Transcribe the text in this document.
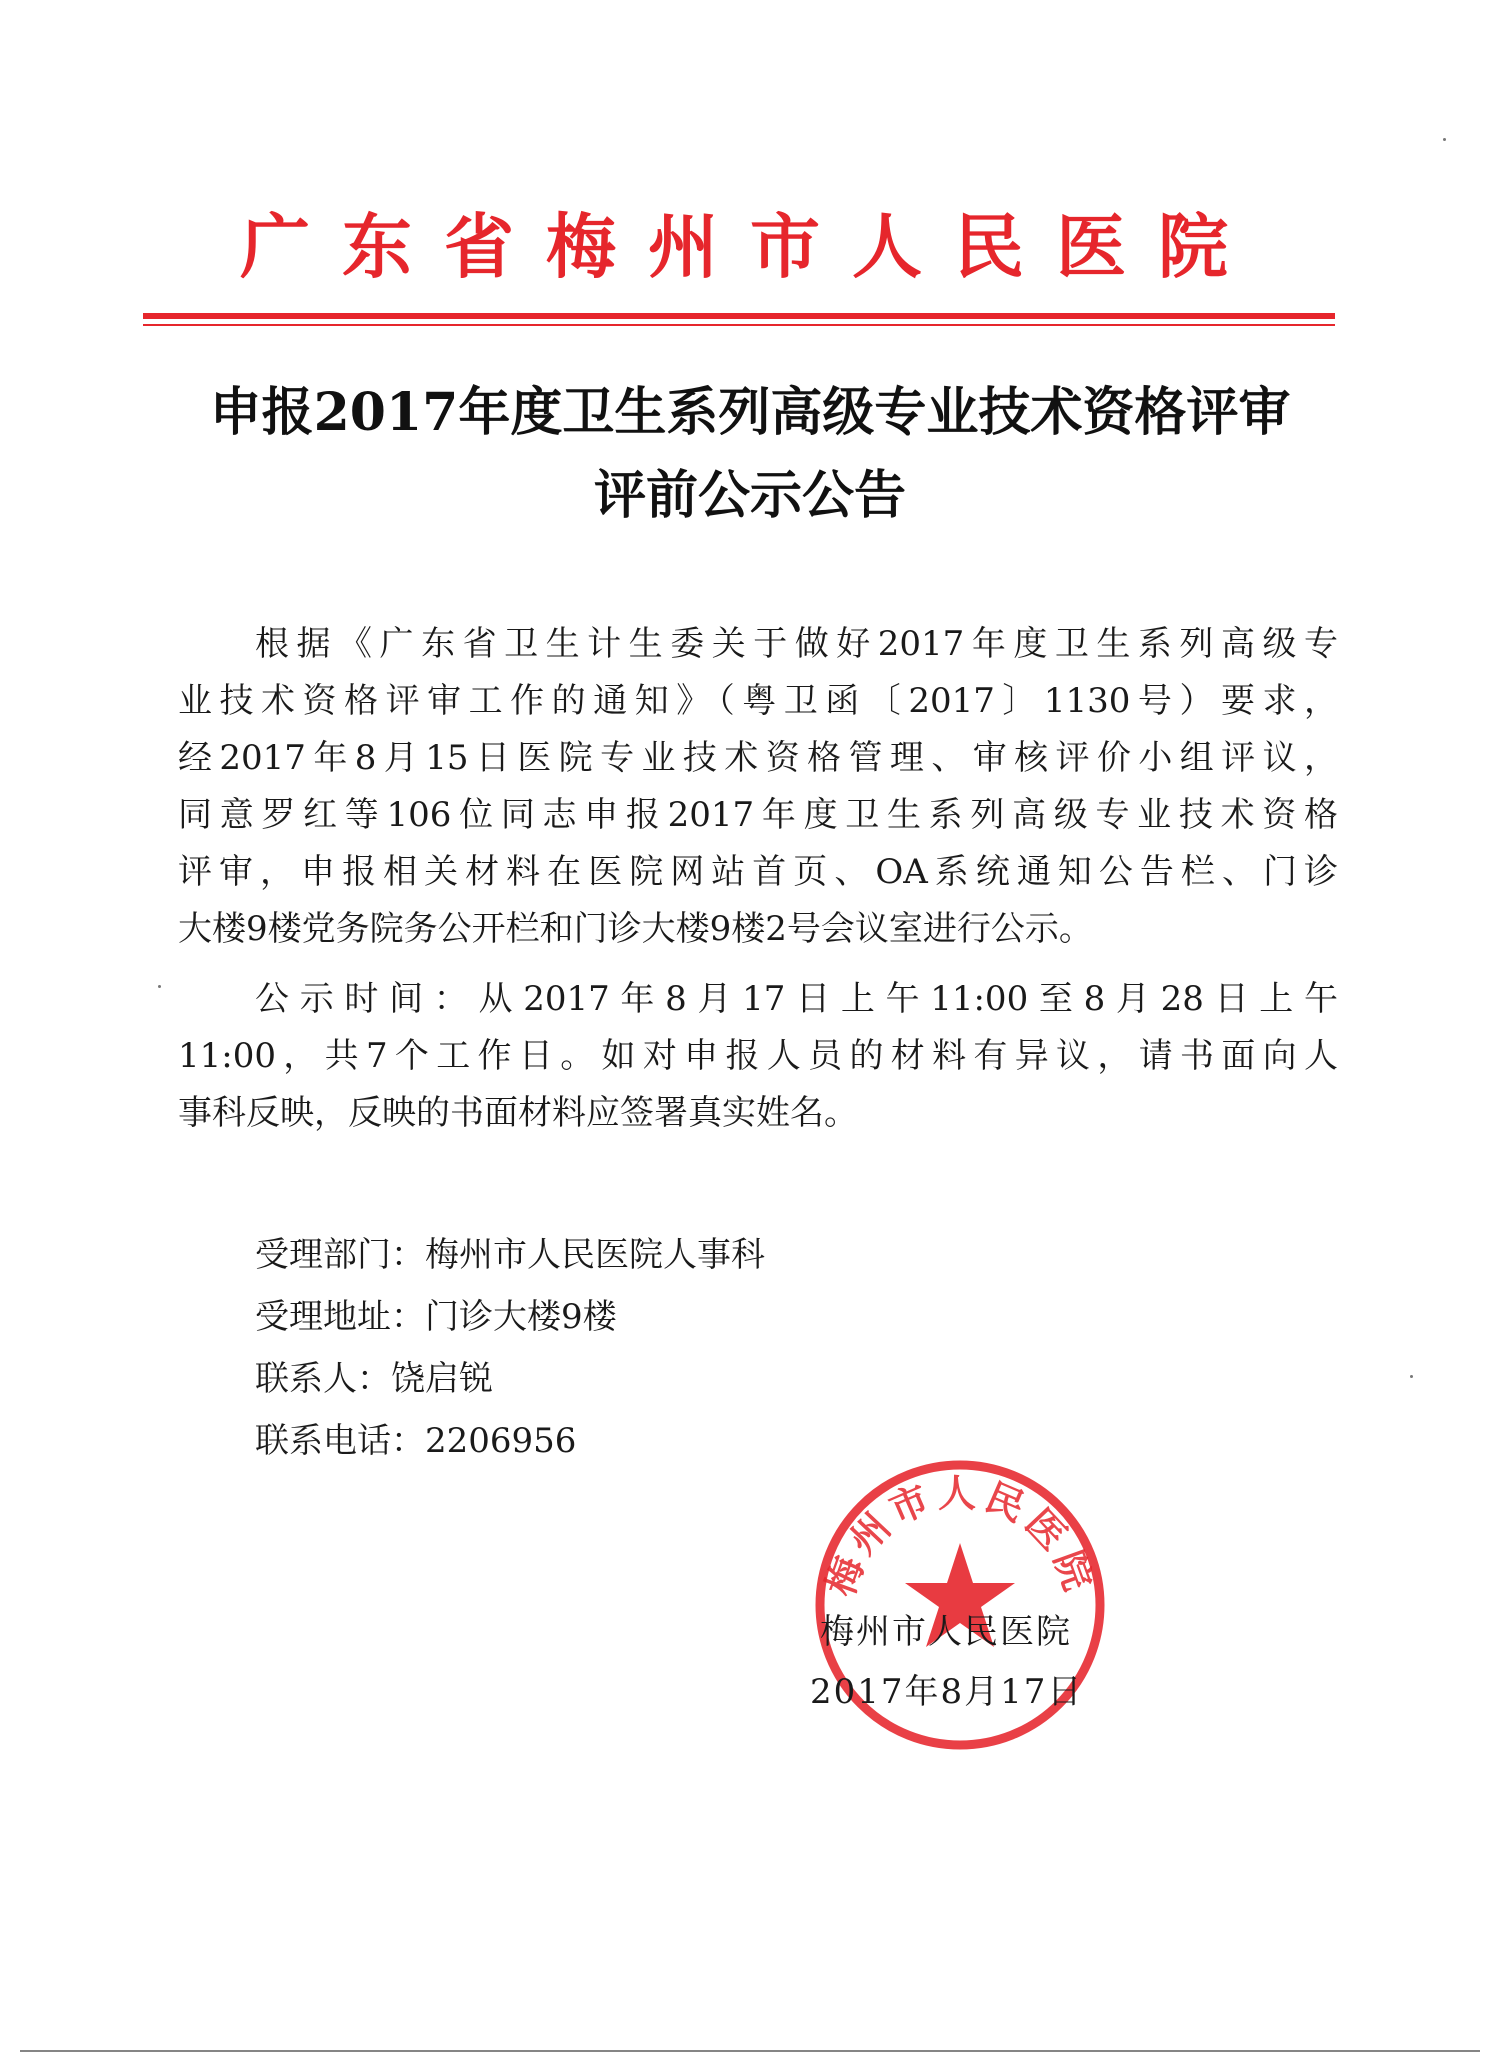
广东省梅州市人民医院
申报2017年度卫生系列高级专业技术资格评审
评前公示公告
根据《广东省卫生计生委关于做好2017年度卫生系列高级专
业技术资格评审工作的通知》（粤卫函〔2017〕1130号）要求，
经2017年8月15日医院专业技术资格管理、审核评价小组评议，
同意罗红等106位同志申报2017年度卫生系列高级专业技术资格
评审，申报相关材料在医院网站首页、OA系统通知公告栏、门诊
大楼9楼党务院务公开栏和门诊大楼9楼2号会议室进行公示。
公示时间：从2017年8月17日上午11:00至8月28日上午
11:00，共7个工作日。如对申报人员的材料有异议，请书面向人
事科反映，反映的书面材料应签署真实姓名。
受理部门：梅州市人民医院人事科
受理地址：门诊大楼9楼
联系人：饶启锐
联系电话：2206956
梅州市人民医院
梅州市人民医院
2017年8月17日
